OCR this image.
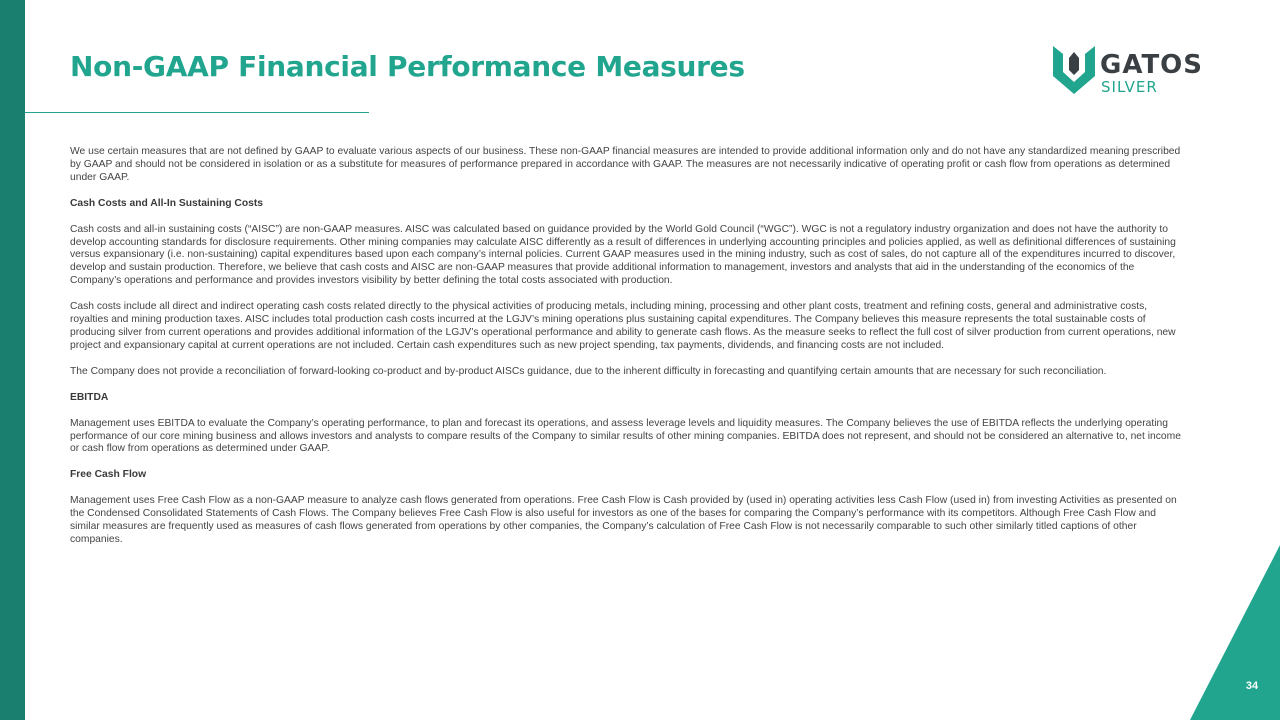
Non-GAAP Financial Performance Measures	GATOS
SILVER

We use certain measures that are not defined by GAAP to evaluate various aspects of our business. These non-GAAP financial measures are intended to provide additional information only and do not have any standardized meaning prescribed by GAAP and should not be considered in isolation or as a substitute for measures of performance prepared in accordance with GAAP. The measures are not necessarily indicative of operating profit or cash flow from operations as determined under GAAP.

Cash Costs and All-In Sustaining Costs

Cash costs and all-in sustaining costs (“AISC”) are non-GAAP measures. AISC was calculated based on guidance provided by the World Gold Council (“WGC”). WGC is not a regulatory industry organization and does not have the authority to develop accounting standards for disclosure requirements. Other mining companies may calculate AISC differently as a result of differences in underlying accounting principles and policies applied, as well as definitional differences of sustaining versus expansionary (i.e. non-sustaining) capital expenditures based upon each company’s internal policies. Current GAAP measures used in the mining industry, such as cost of sales, do not capture all of the expenditures incurred to discover, develop and sustain production. Therefore, we believe that cash costs and AISC are non-GAAP measures that provide additional information to management, investors and analysts that aid in the understanding of the economics of the Company’s operations and performance and provides investors visibility by better defining the total costs associated with production.

Cash costs include all direct and indirect operating cash costs related directly to the physical activities of producing metals, including mining, processing and other plant costs, treatment and refining costs, general and administrative costs, royalties and mining production taxes. AISC includes total production cash costs incurred at the LGJV’s mining operations plus sustaining capital expenditures. The Company believes this measure represents the total sustainable costs of producing silver from current operations and provides additional information of the LGJV’s operational performance and ability to generate cash flows. As the measure seeks to reflect the full cost of silver production from current operations, new project and expansionary capital at current operations are not included. Certain cash expenditures such as new project spending, tax payments, dividends, and financing costs are not included.

The Company does not provide a reconciliation of forward-looking co-product and by-product AISCs guidance, due to the inherent difficulty in forecasting and quantifying certain amounts that are necessary for such reconciliation.

EBITDA

Management uses EBITDA to evaluate the Company’s operating performance, to plan and forecast its operations, and assess leverage levels and liquidity measures. The Company believes the use of EBITDA reflects the underlying operating performance of our core mining business and allows investors and analysts to compare results of the Company to similar results of other mining companies. EBITDA does not represent, and should not be considered an alternative to, net income or cash flow from operations as determined under GAAP.

Free Cash Flow

Management uses Free Cash Flow as a non-GAAP measure to analyze cash flows generated from operations. Free Cash Flow is Cash provided by (used in) operating activities less Cash Flow (used in) from investing Activities as presented on the Condensed Consolidated Statements of Cash Flows. The Company believes Free Cash Flow is also useful for investors as one of the bases for comparing the Company’s performance with its competitors. Although Free Cash Flow and similar measures are frequently used as measures of cash flows generated from operations by other companies, the Company’s calculation of Free Cash Flow is not necessarily comparable to such other similarly titled captions of other companies.

34
